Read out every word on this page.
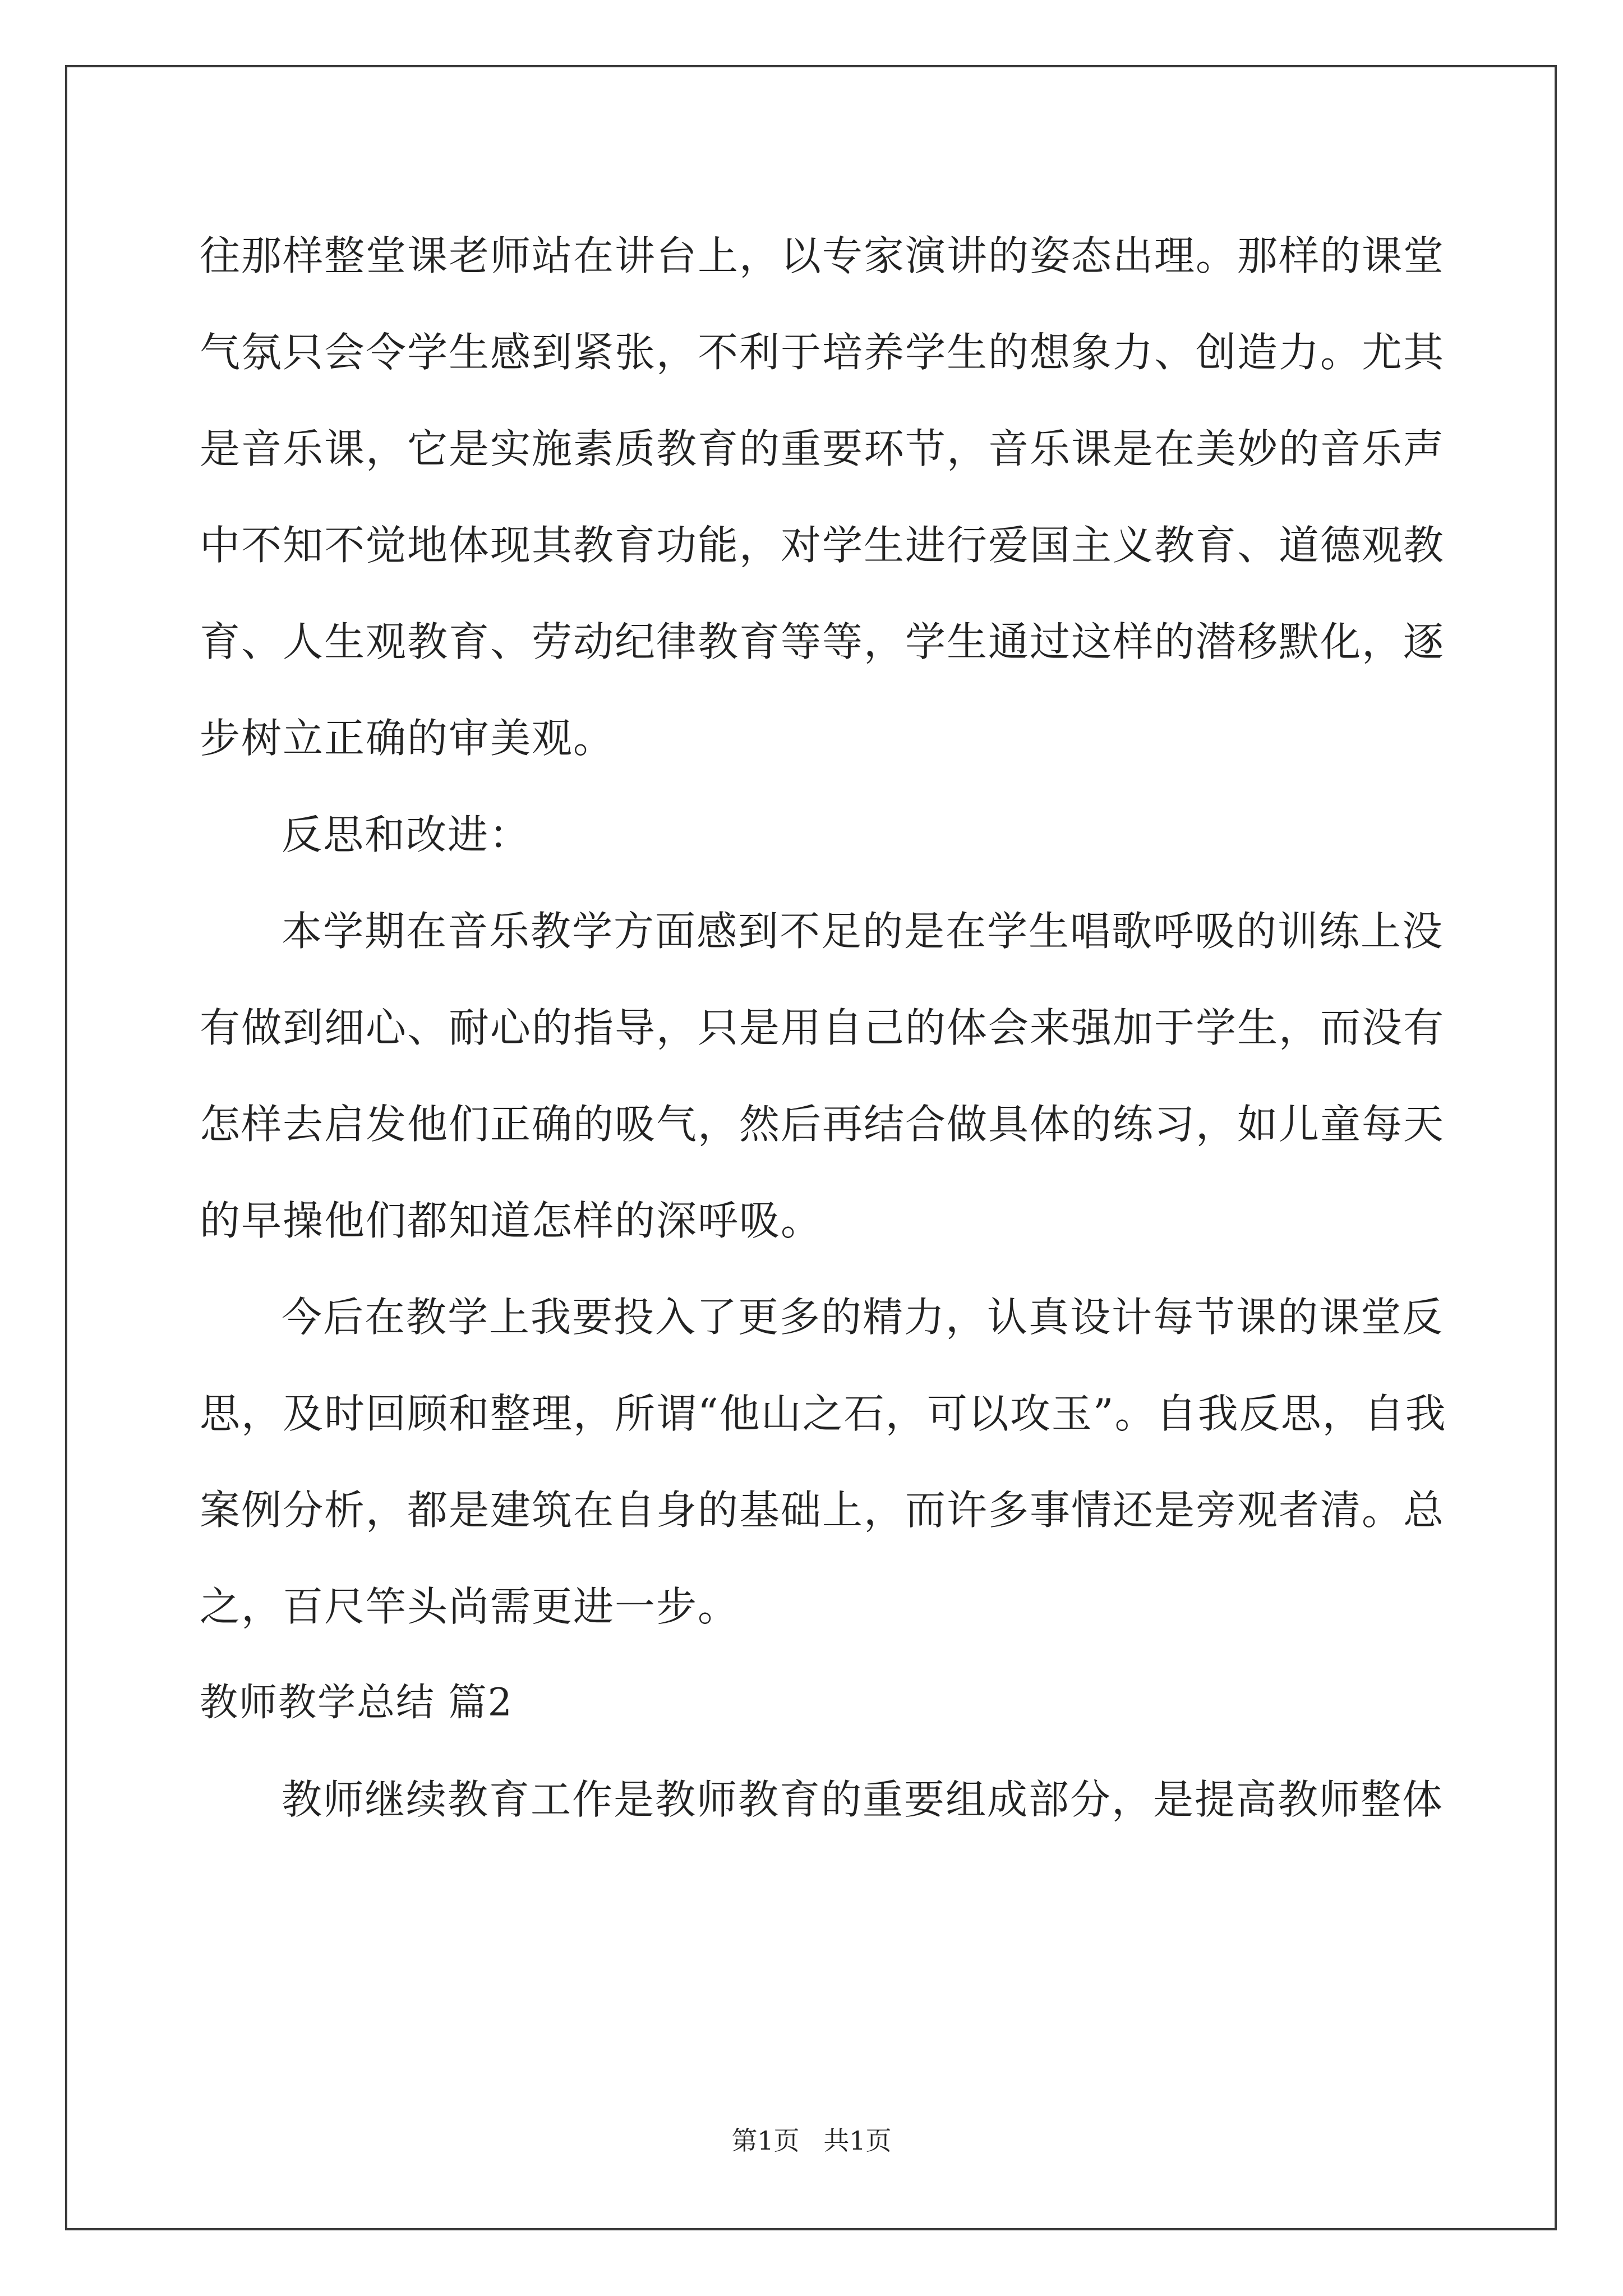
往那样整堂课老师站在讲台上，以专家演讲的姿态出理。那样的课堂
气氛只会令学生感到紧张，不利于培养学生的想象力、创造力。尤其
是音乐课，它是实施素质教育的重要环节，音乐课是在美妙的音乐声
中不知不觉地体现其教育功能，对学生进行爱国主义教育、道德观教
育、人生观教育、劳动纪律教育等等，学生通过这样的潜移默化，逐
步树立正确的审美观。
反思和改进：
本学期在音乐教学方面感到不足的是在学生唱歌呼吸的训练上没
有做到细心、耐心的指导，只是用自己的体会来强加于学生，而没有
怎样去启发他们正确的吸气，然后再结合做具体的练习，如儿童每天
的早操他们都知道怎样的深呼吸。
今后在教学上我要投入了更多的精力，认真设计每节课的课堂反
思，及时回顾和整理，所谓“他山之石，可以攻玉”。自我反思，自我
案例分析，都是建筑在自身的基础上，而许多事情还是旁观者清。总
之，百尺竿头尚需更进一步。
教师教学总结 篇2
教师继续教育工作是教师教育的重要组成部分，是提高教师整体
第1页 共1页
